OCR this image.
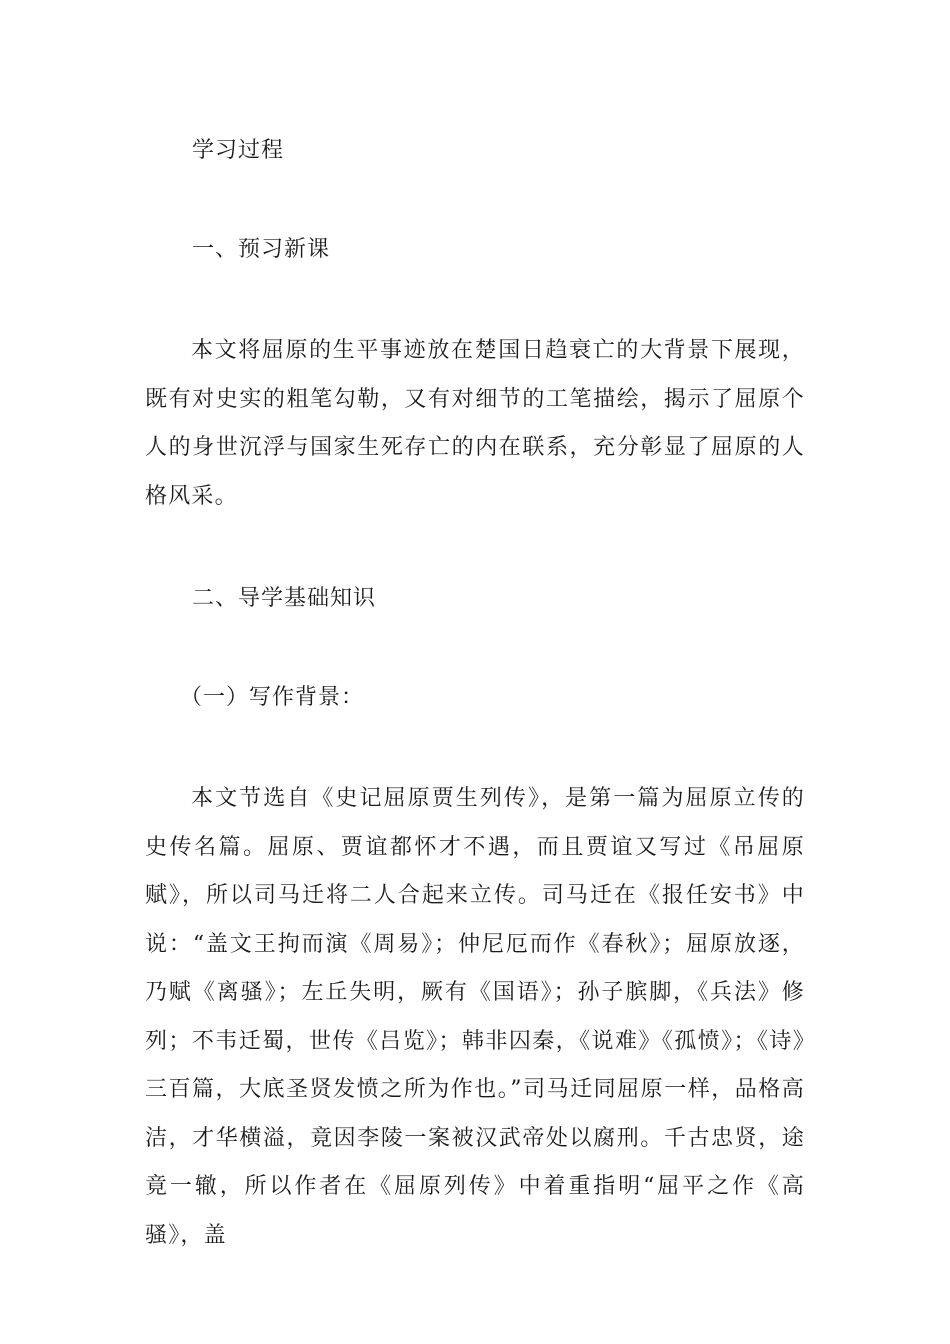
学习过程
一、预习新课
本文将屈原的生平事迹放在楚国日趋衰亡的大背景下展现，既有对史实的粗笔勾勒，又有对细节的工笔描绘，揭示了屈原个人的身世沉浮与国家生死存亡的内在联系，充分彰显了屈原的人格风采。
二、导学基础知识
（一）写作背景：
本文节选自《史记屈原贾生列传》，是第一篇为屈原立传的史传名篇。屈原、贾谊都怀才不遇，而且贾谊又写过《吊屈原赋》，所以司马迁将二人合起来立传。司马迁在《报任安书》中说：“盖文王拘而演《周易》；仲尼厄而作《春秋》；屈原放逐，乃赋《离骚》；左丘失明，厥有《国语》；孙子膑脚，《兵法》修列；不韦迁蜀，世传《吕览》；韩非囚秦，《说难》《孤愤》；《诗》三百篇，大底圣贤发愤之所为作也。”司马迁同屈原一样，品格高洁，才华横溢，竟因李陵一案被汉武帝处以腐刑。千古忠贤，途竟一辙，所以作者在《屈原列传》中着重指明“屈平之作《高骚》，盖
